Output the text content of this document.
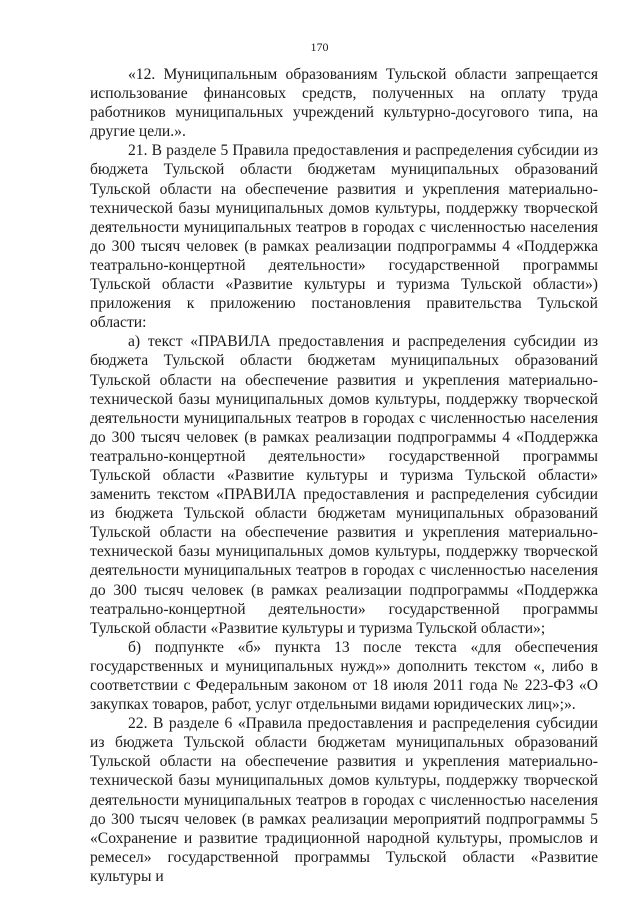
170

«12. Муниципальным образованиям Тульской области запрещается использование финансовых средств, полученных на оплату труда работников муниципальных учреждений культурно-досугового типа, на другие цели.».

21. В разделе 5 Правила предоставления и распределения субсидии из бюджета Тульской области бюджетам муниципальных образований Тульской области на обеспечение развития и укрепления материально-технической базы муниципальных домов культуры, поддержку творческой деятельности муниципальных театров в городах с численностью населения до 300 тысяч человек (в рамках реализации подпрограммы 4 «Поддержка театрально-концертной деятельности» государственной программы Тульской области «Развитие культуры и туризма Тульской области») приложения к приложению постановления правительства Тульской области:

а) текст «ПРАВИЛА предоставления и распределения субсидии из бюджета Тульской области бюджетам муниципальных образований Тульской области на обеспечение развития и укрепления материально-технической базы муниципальных домов культуры, поддержку творческой деятельности муниципальных театров в городах с численностью населения до 300 тысяч человек (в рамках реализации подпрограммы 4 «Поддержка театрально-концертной деятельности» государственной программы Тульской области «Развитие культуры и туризма Тульской области» заменить текстом «ПРАВИЛА предоставления и распределения субсидии из бюджета Тульской области бюджетам муниципальных образований Тульской области на обеспечение развития и укрепления материально-технической базы муниципальных домов культуры, поддержку творческой деятельности муниципальных театров в городах с численностью населения до 300 тысяч человек (в рамках реализации подпрограммы «Поддержка театрально-концертной деятельности» государственной программы Тульской области «Развитие культуры и туризма Тульской области»;

б) подпункте «б» пункта 13 после текста «для обеспечения государственных и муниципальных нужд»» дополнить текстом «, либо в соответствии с Федеральным законом от 18 июля 2011 года № 223-ФЗ «О закупках товаров, работ, услуг отдельными видами юридических лиц»;».

22. В разделе 6 «Правила предоставления и распределения субсидии из бюджета Тульской области бюджетам муниципальных образований Тульской области на обеспечение развития и укрепления материально-технической базы муниципальных домов культуры, поддержку творческой деятельности муниципальных театров в городах с численностью населения до 300 тысяч человек (в рамках реализации мероприятий подпрограммы 5 «Сохранение и развитие традиционной народной культуры, промыслов и ремесел» государственной программы Тульской области «Развитие культуры и
